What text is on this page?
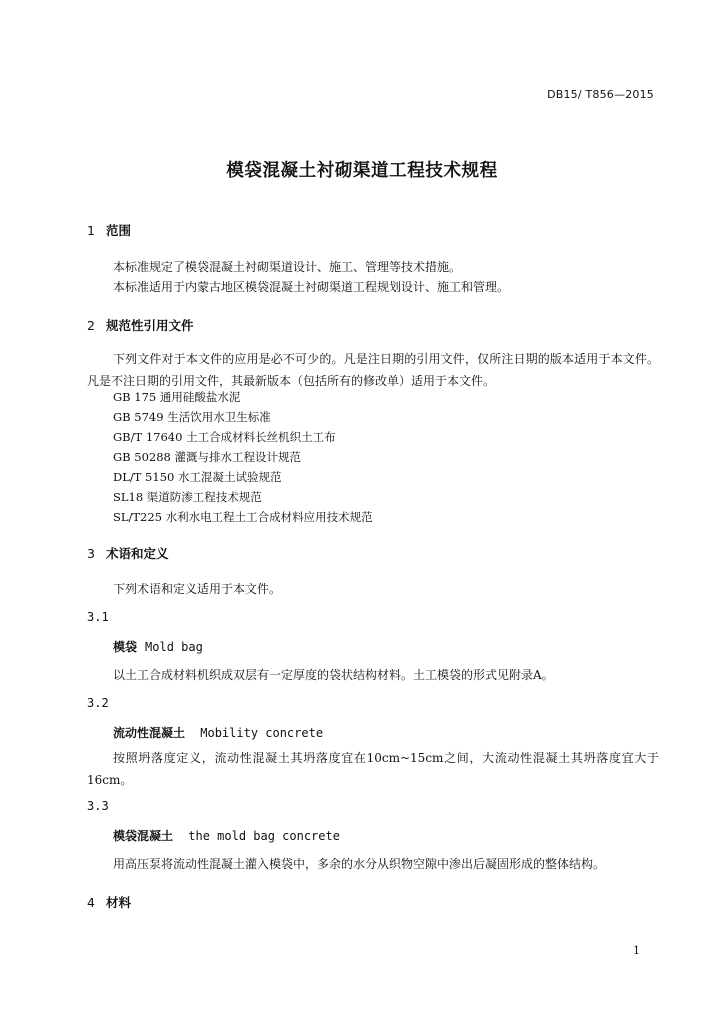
DB15/ T856—2015
模袋混凝土衬砌渠道工程技术规程
1 范围
本标准规定了模袋混凝土衬砌渠道设计、施工、管理等技术措施。
本标准适用于内蒙古地区模袋混凝土衬砌渠道工程规划设计、施工和管理。
2 规范性引用文件
下列文件对于本文件的应用是必不可少的。凡是注日期的引用文件，仅所注日期的版本适用于本文件。凡是不注日期的引用文件，其最新版本（包括所有的修改单）适用于本文件。
GB 175 通用硅酸盐水泥
GB 5749 生活饮用水卫生标准
GB/T 17640 土工合成材料长丝机织土工布
GB 50288 灌溉与排水工程设计规范
DL/T 5150 水工混凝土试验规范
SL18 渠道防渗工程技术规范
SL/T225 水利水电工程土工合成材料应用技术规范
3 术语和定义
下列术语和定义适用于本文件。
3.1
模袋 Mold bag
以土工合成材料机织成双层有一定厚度的袋状结构材料。土工模袋的形式见附录A。
3.2
流动性混凝土 Mobility concrete
按照坍落度定义，流动性混凝土其坍落度宜在10cm~15cm之间，大流动性混凝土其坍落度宜大于16cm。
3.3
模袋混凝土 the mold bag concrete
用高压泵将流动性混凝土灌入模袋中，多余的水分从织物空隙中渗出后凝固形成的整体结构。
4 材料
1
